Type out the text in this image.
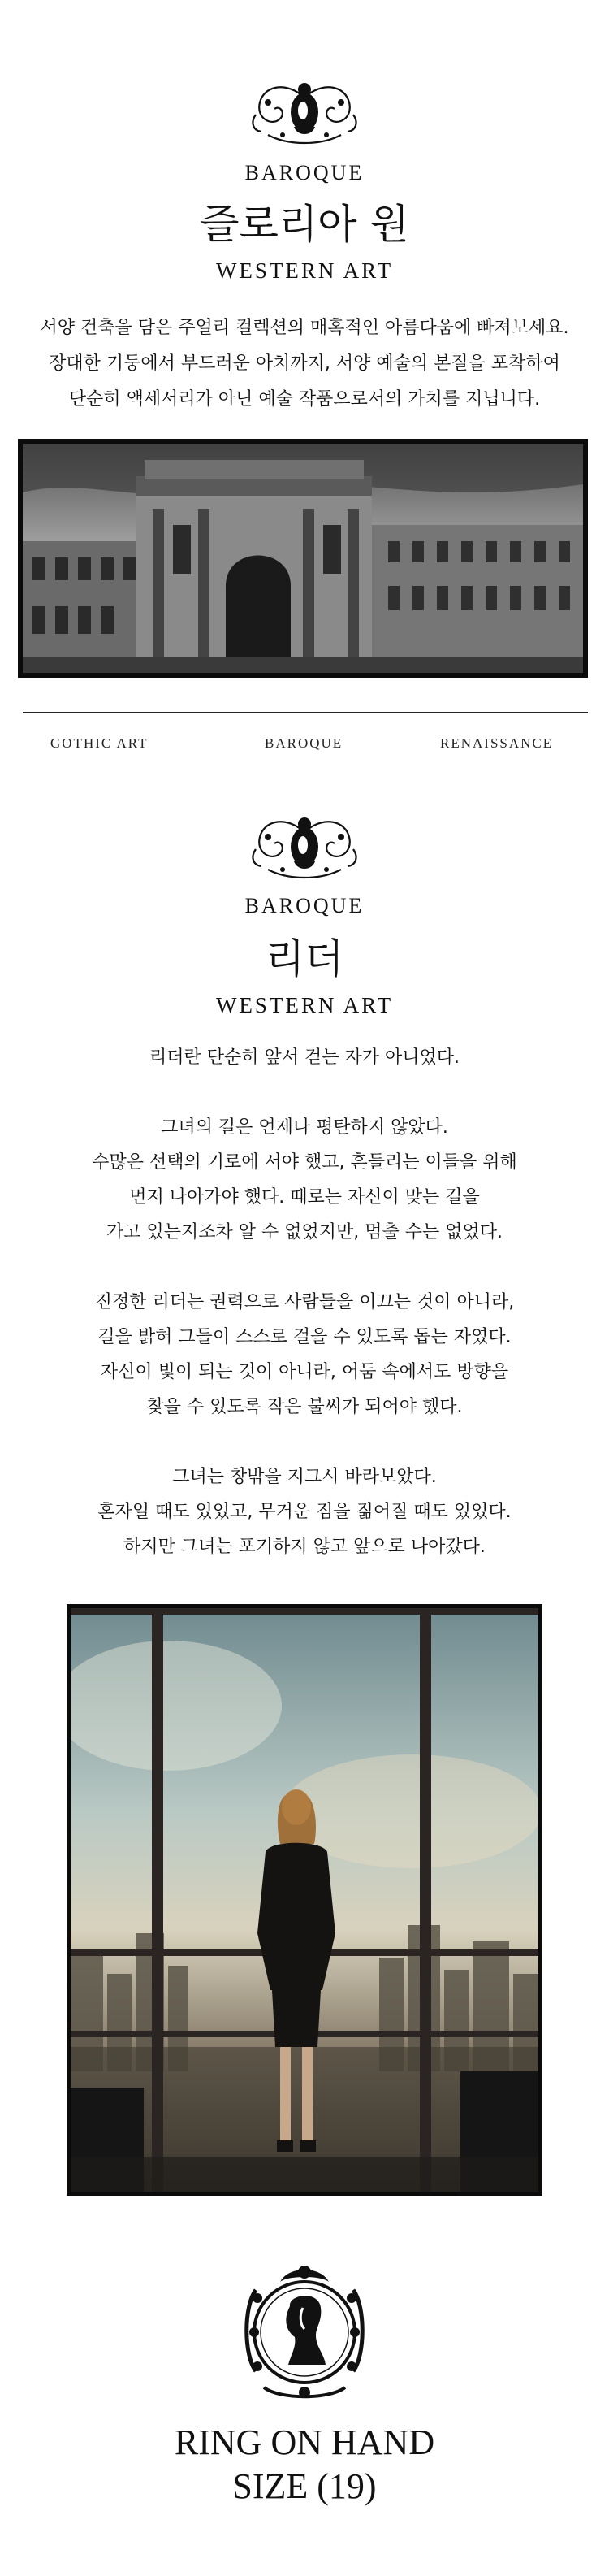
BAROQUE
즐로리아 원
WESTERN ART

서양 건축을 담은 주얼리 컬렉션의 매혹적인 아름다움에 빠져보세요.

장대한 기둥에서 부드러운 아치까지, 서양 예술의 본질을 포착하여

단순히 액세서리가 아닌 예술 작품으로서의 가치를 지닙니다.

GOTHIC ART	BAROQUE	RENAISSANCE
BAROQUE
리더
WESTERN ART

리더란 단순히 앞서 걷는 자가 아니었다.

그녀의 길은 언제나 평탄하지 않았다.

수많은 선택의 기로에 서야 했고, 흔들리는 이들을 위해

먼저 나아가야 했다. 때로는 자신이 맞는 길을

가고 있는지조차 알 수 없었지만, 멈출 수는 없었다.

진정한 리더는 권력으로 사람들을 이끄는 것이 아니라,

길을 밝혀 그들이 스스로 걸을 수 있도록 돕는 자였다.

자신이 빛이 되는 것이 아니라, 어둠 속에서도 방향을

찾을 수 있도록 작은 불씨가 되어야 했다.

그녀는 창밖을 지그시 바라보았다.

혼자일 때도 있었고, 무거운 짐을 짊어질 때도 있었다.

하지만 그녀는 포기하지 않고 앞으로 나아갔다.

RING ON HAND
SIZE (19)
